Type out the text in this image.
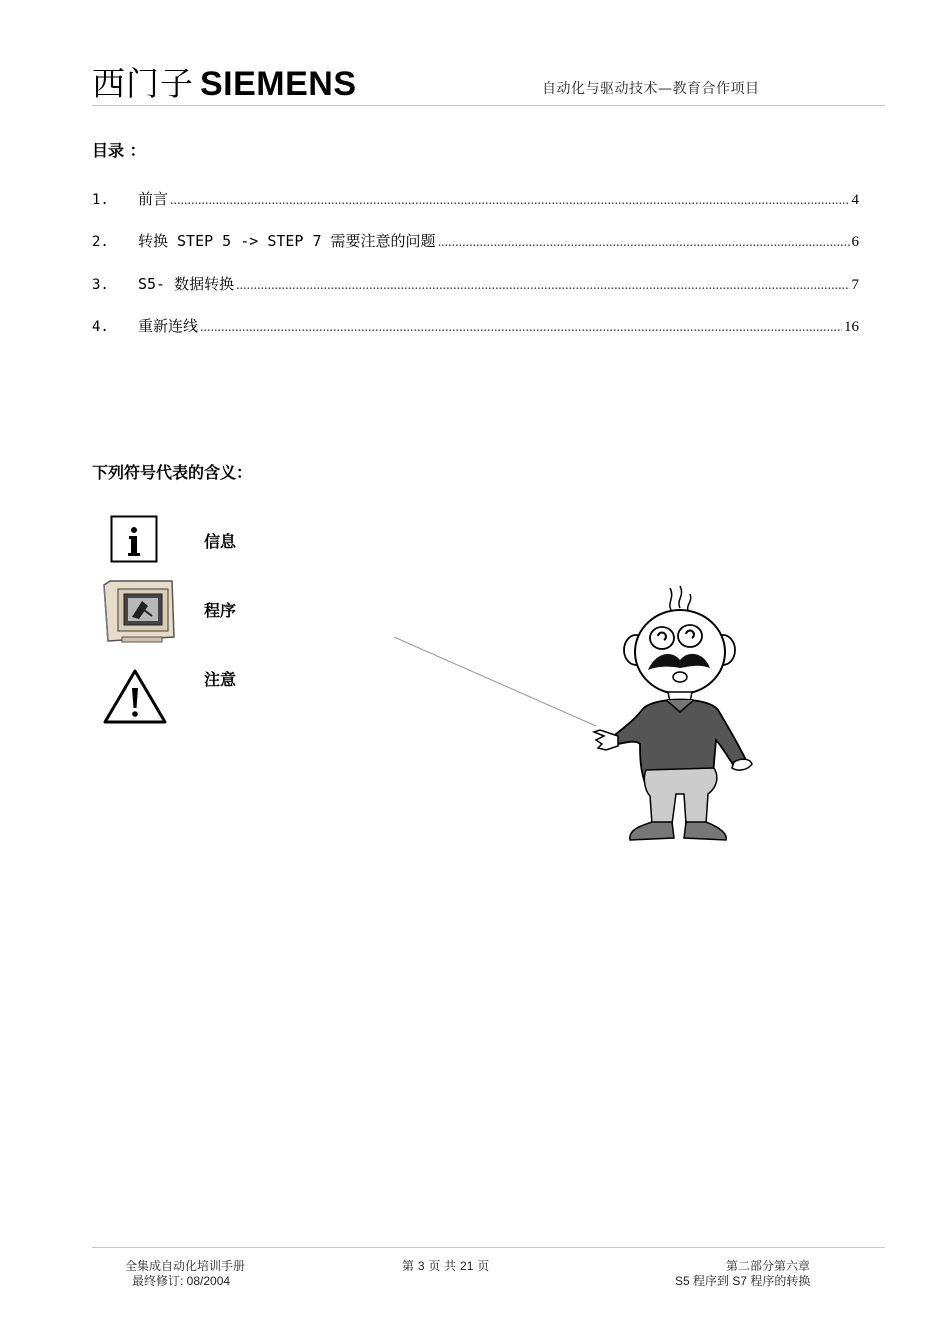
西门子 SIEMENS	自动化与驱动技术—教育合作项目
目录 ：
1.	前言 .....	4
2.	转换 STEP 5 -> STEP 7 需要注意的问题 .....	6
3.	S5- 数据转换 .....	7
4.	重新连线 .....	16
下列符号代表的含义：
信息
程序
注意
全集成自动化培训手册
最终修订: 08/2004
第 3 页 共 21 页	第二部分第六章
S5 程序到 S7 程序的转换
